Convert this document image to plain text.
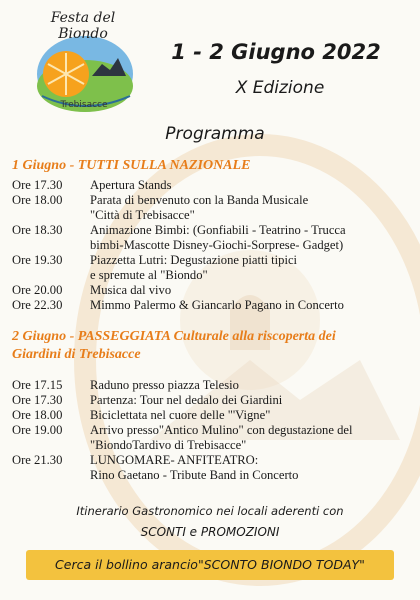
Festa del Biondo
Trebisacce
1 - 2 Giugno 2022
X Edizione
Programma
1 Giugno - TUTTI SULLA NAZIONALE
Ore 17.30	Apertura Stands
Ore 18.00	Parata di benvenuto con la Banda Musicale
"Città di Trebisacce"
Ore 18.30	Animazione Bimbi: (Gonfiabili - Teatrino - Trucca
bimbi-Mascotte Disney-Giochi-Sorprese- Gadget)
Ore 19.30	Piazzetta Lutri: Degustazione piatti tipici
e spremute al "Biondo"
Ore 20.00	Musica dal vivo
Ore 22.30	Mimmo Palermo & Giancarlo Pagano in Concerto
2 Giugno - PASSEGGIATA Culturale alla riscoperta dei
Giardini di Trebisacce
Ore 17.15	Raduno presso piazza Telesio
Ore 17.30	Partenza: Tour nel dedalo dei Giardini
Ore 18.00	Biciclettata nel cuore delle "'Vigne"
Ore 19.00	Arrivo presso"Antico Mulino" con degustazione del
"BiondoTardivo di Trebisacce"
Ore 21.30	LUNGOMARE- ANFITEATRO:
Rino Gaetano - Tribute Band in Concerto
Itinerario Gastronomico nei locali aderenti con
SCONTI e PROMOZIONI
Cerca il bollino arancio"SCONTO BIONDO TODAY"
